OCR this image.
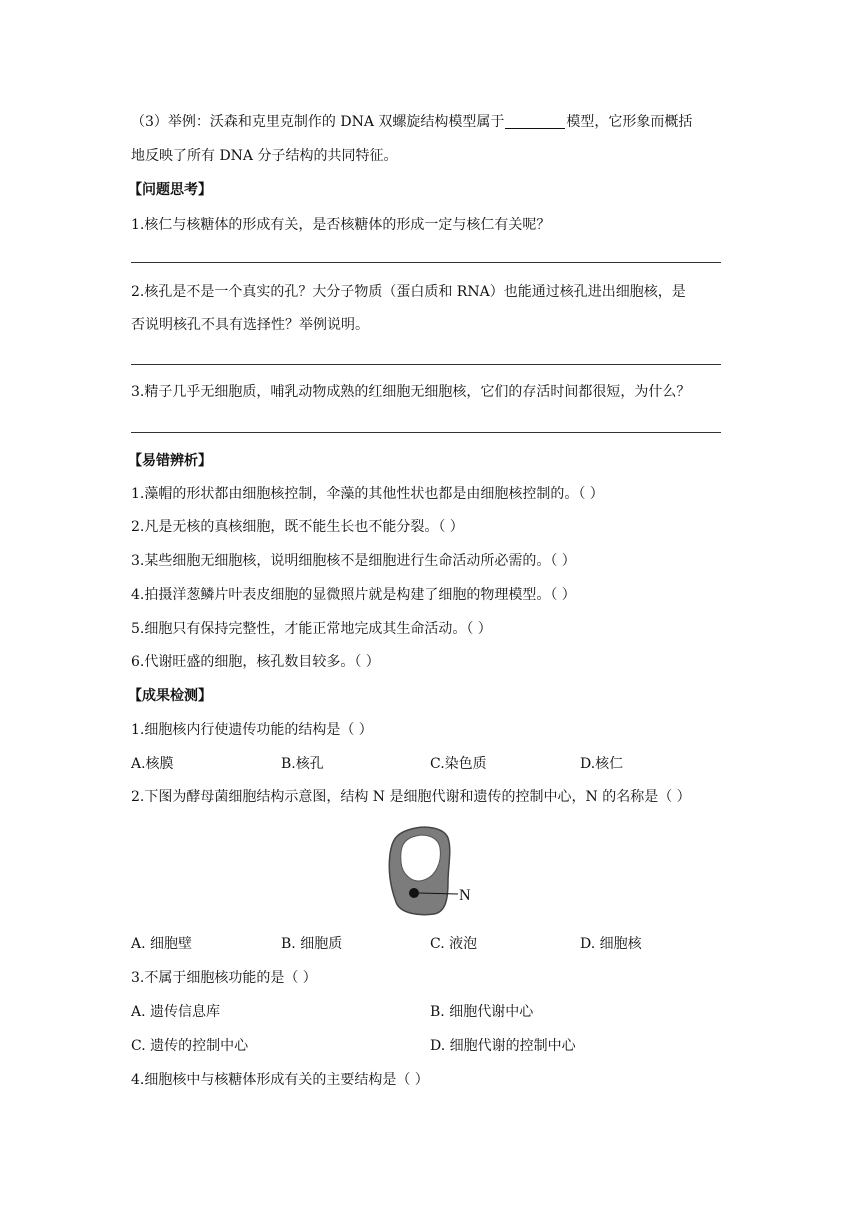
（3）举例：沃森和克里克制作的 DNA 双螺旋结构模型属于	模型，它形象而概括
地反映了所有 DNA 分子结构的共同特征。
【问题思考】
1.核仁与核糖体的形成有关，是否核糖体的形成一定与核仁有关呢？
2.核孔是不是一个真实的孔？大分子物质（蛋白质和 RNA）也能通过核孔进出细胞核，是
否说明核孔不具有选择性？举例说明。
3.精子几乎无细胞质，哺乳动物成熟的红细胞无细胞核，它们的存活时间都很短，为什么？
【易错辨析】
1.藻帽的形状都由细胞核控制，伞藻的其他性状也都是由细胞核控制的。（ ）
2.凡是无核的真核细胞，既不能生长也不能分裂。（ ）
3.某些细胞无细胞核，说明细胞核不是细胞进行生命活动所必需的。（ ）
4.拍摄洋葱鳞片叶表皮细胞的显微照片就是构建了细胞的物理模型。（ ）
5.细胞只有保持完整性，才能正常地完成其生命活动。（ ）
6.代谢旺盛的细胞，核孔数目较多。（ ）
【成果检测】
1.细胞核内行使遗传功能的结构是（ ）
A.核膜	B.核孔	C.染色质	D.核仁
2.下图为酵母菌细胞结构示意图，结构 N 是细胞代谢和遗传的控制中心，N 的名称是（ ）
N
A. 细胞壁	B. 细胞质	C. 液泡	D. 细胞核
3.不属于细胞核功能的是（ ）
A. 遗传信息库	B. 细胞代谢中心
C. 遗传的控制中心	D. 细胞代谢的控制中心
4.细胞核中与核糖体形成有关的主要结构是（ ）
